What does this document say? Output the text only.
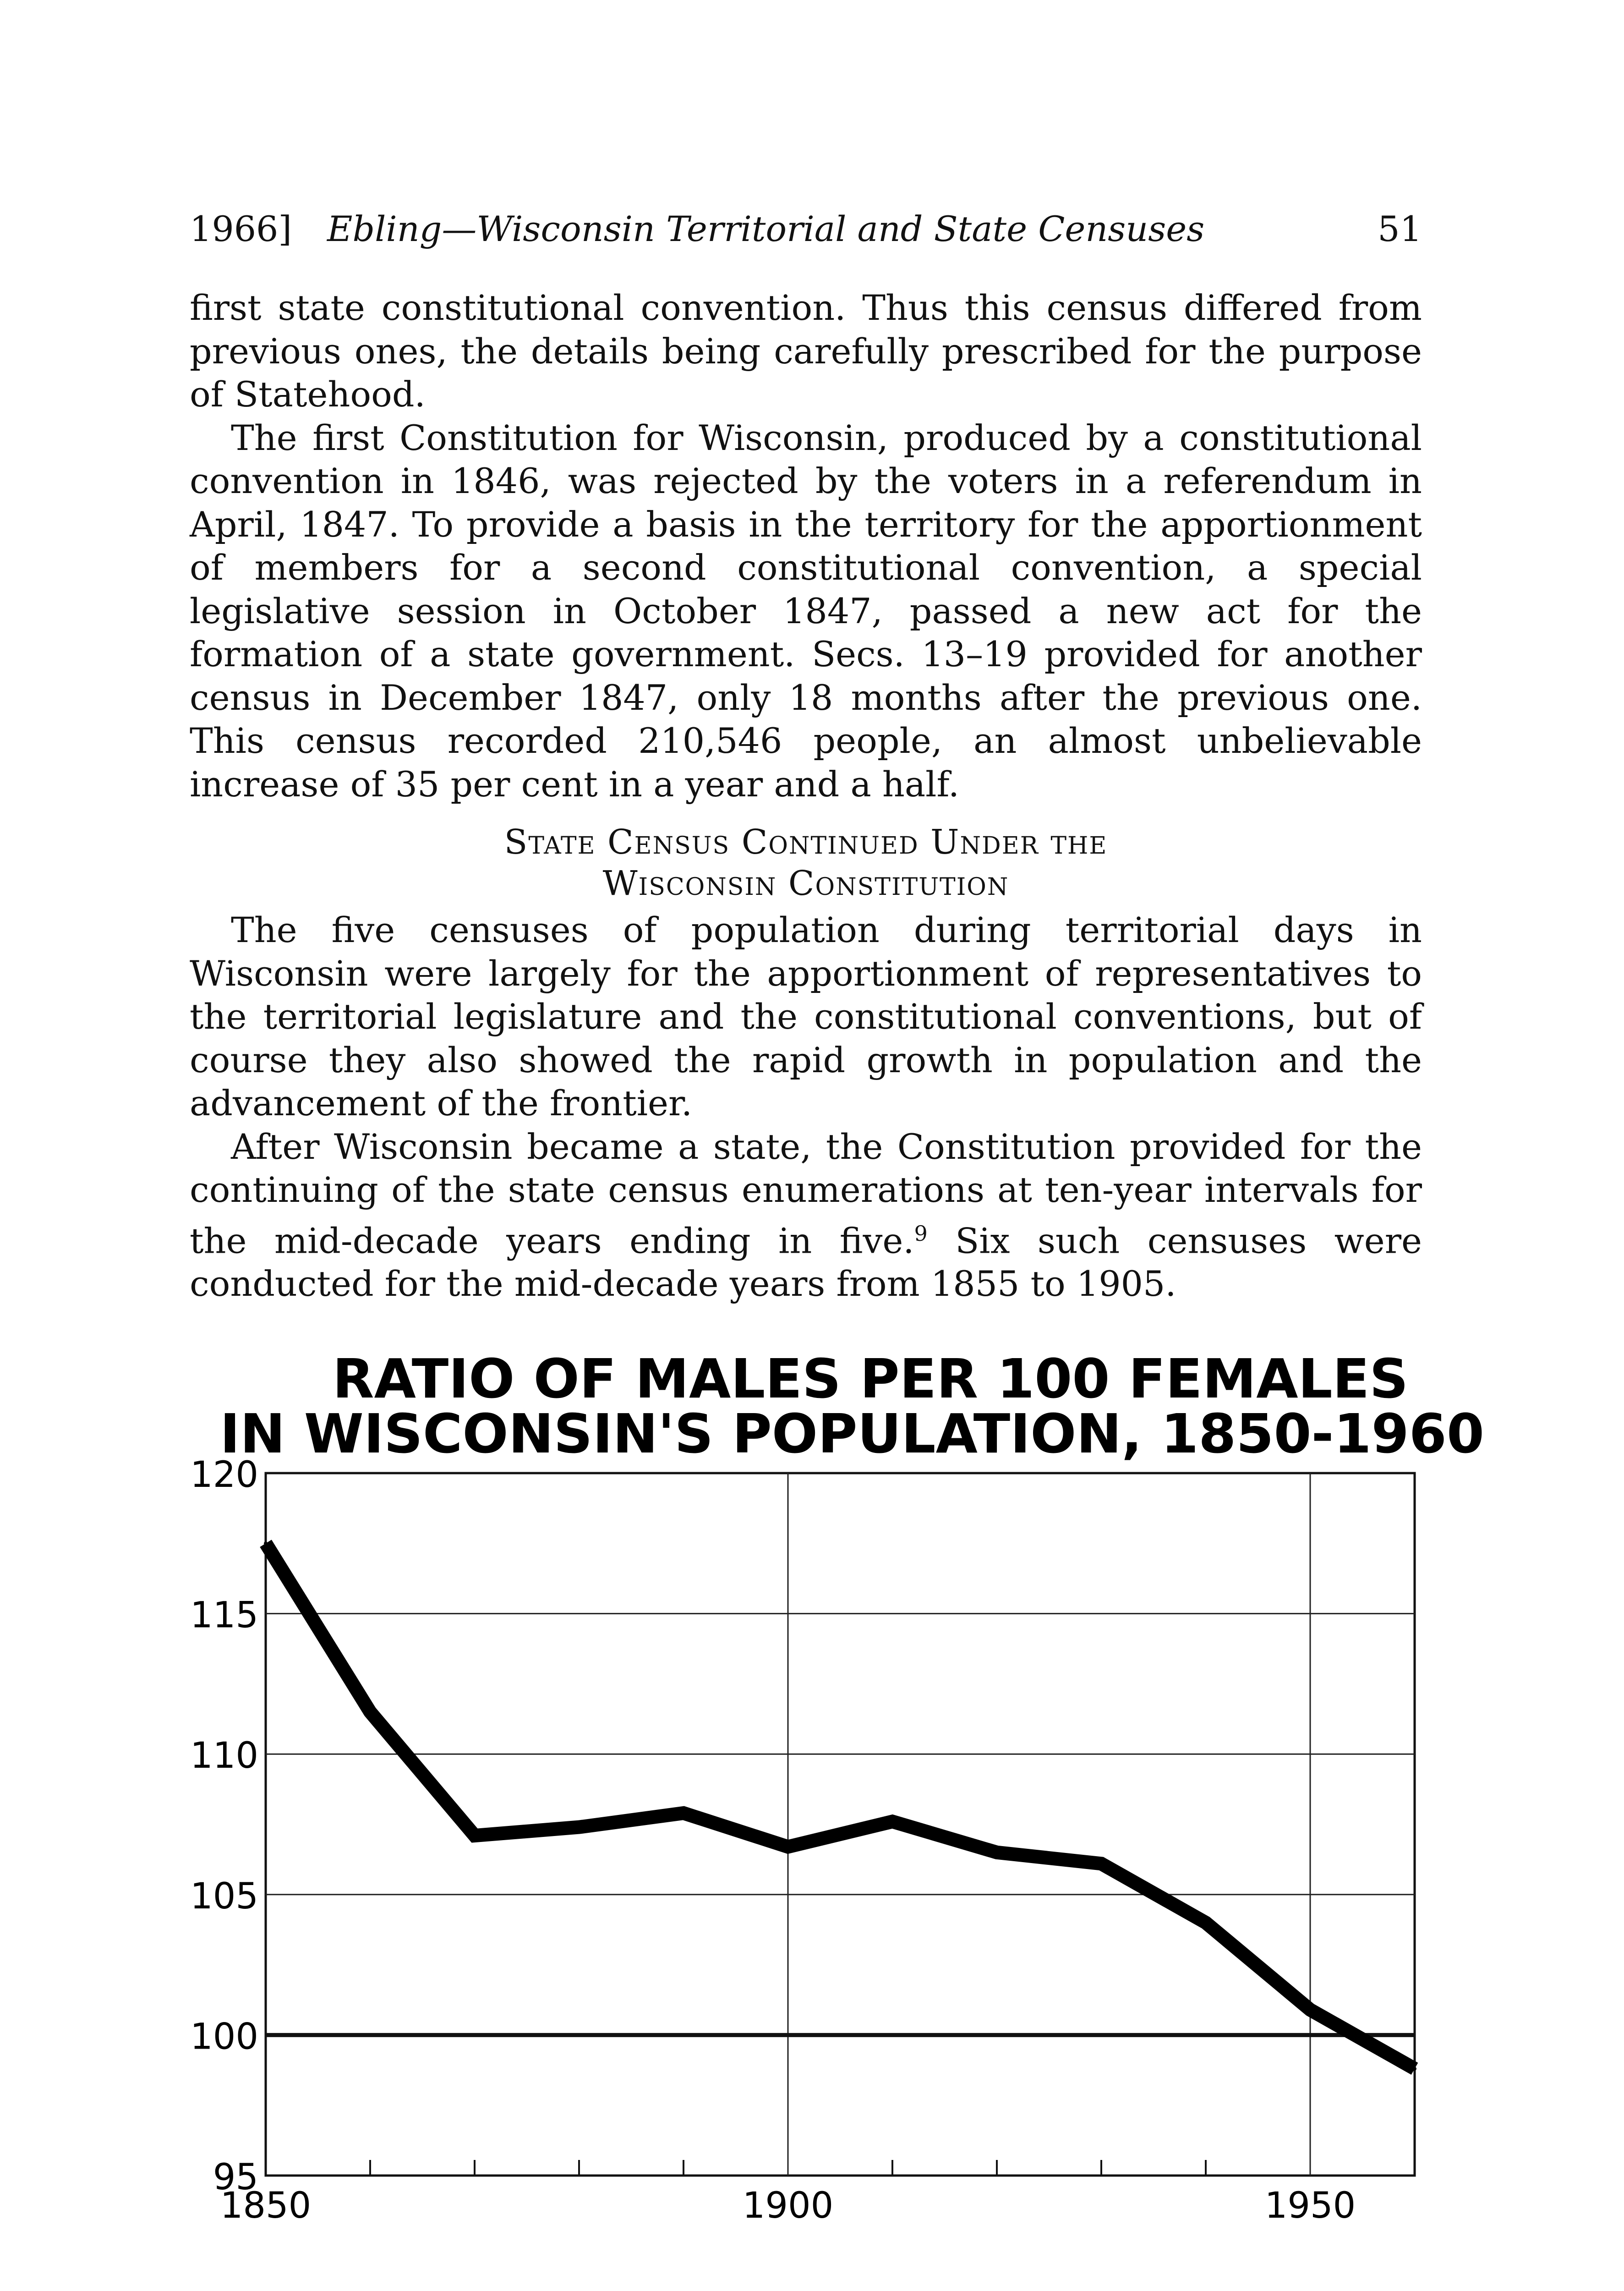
1966] Ebling—Wisconsin Territorial and State Censuses	51

first state constitutional convention. Thus this census differed from previous ones, the details being carefully prescribed for the purpose of Statehood.

The first Constitution for Wisconsin, produced by a constitutional convention in 1846, was rejected by the voters in a referendum in April, 1847. To provide a basis in the territory for the apportionment of members for a second constitutional convention, a special legislative session in October 1847, passed a new act for the formation of a state government. Secs. 13–19 provided for another census in December 1847, only 18 months after the previous one. This census recorded 210,546 people, an almost unbelievable increase of 35 per cent in a year and a half.

State Census Continued Under the
Wisconsin Constitution

The five censuses of population during territorial days in Wisconsin were largely for the apportionment of representatives to the territorial legislature and the constitutional conventions, but of course they also showed the rapid growth in population and the advancement of the frontier.

After Wisconsin became a state, the Constitution provided for the continuing of the state census enumerations at ten-year intervals for the mid-decade years ending in five.$^9$ Six such censuses were conducted for the mid-decade years from 1855 to 1905.

RATIO OF MALES PER 100 FEMALES
IN WISCONSIN'S POPULATION, 1850-1960
95
100
105
110
115
120
1850	1900	1950
